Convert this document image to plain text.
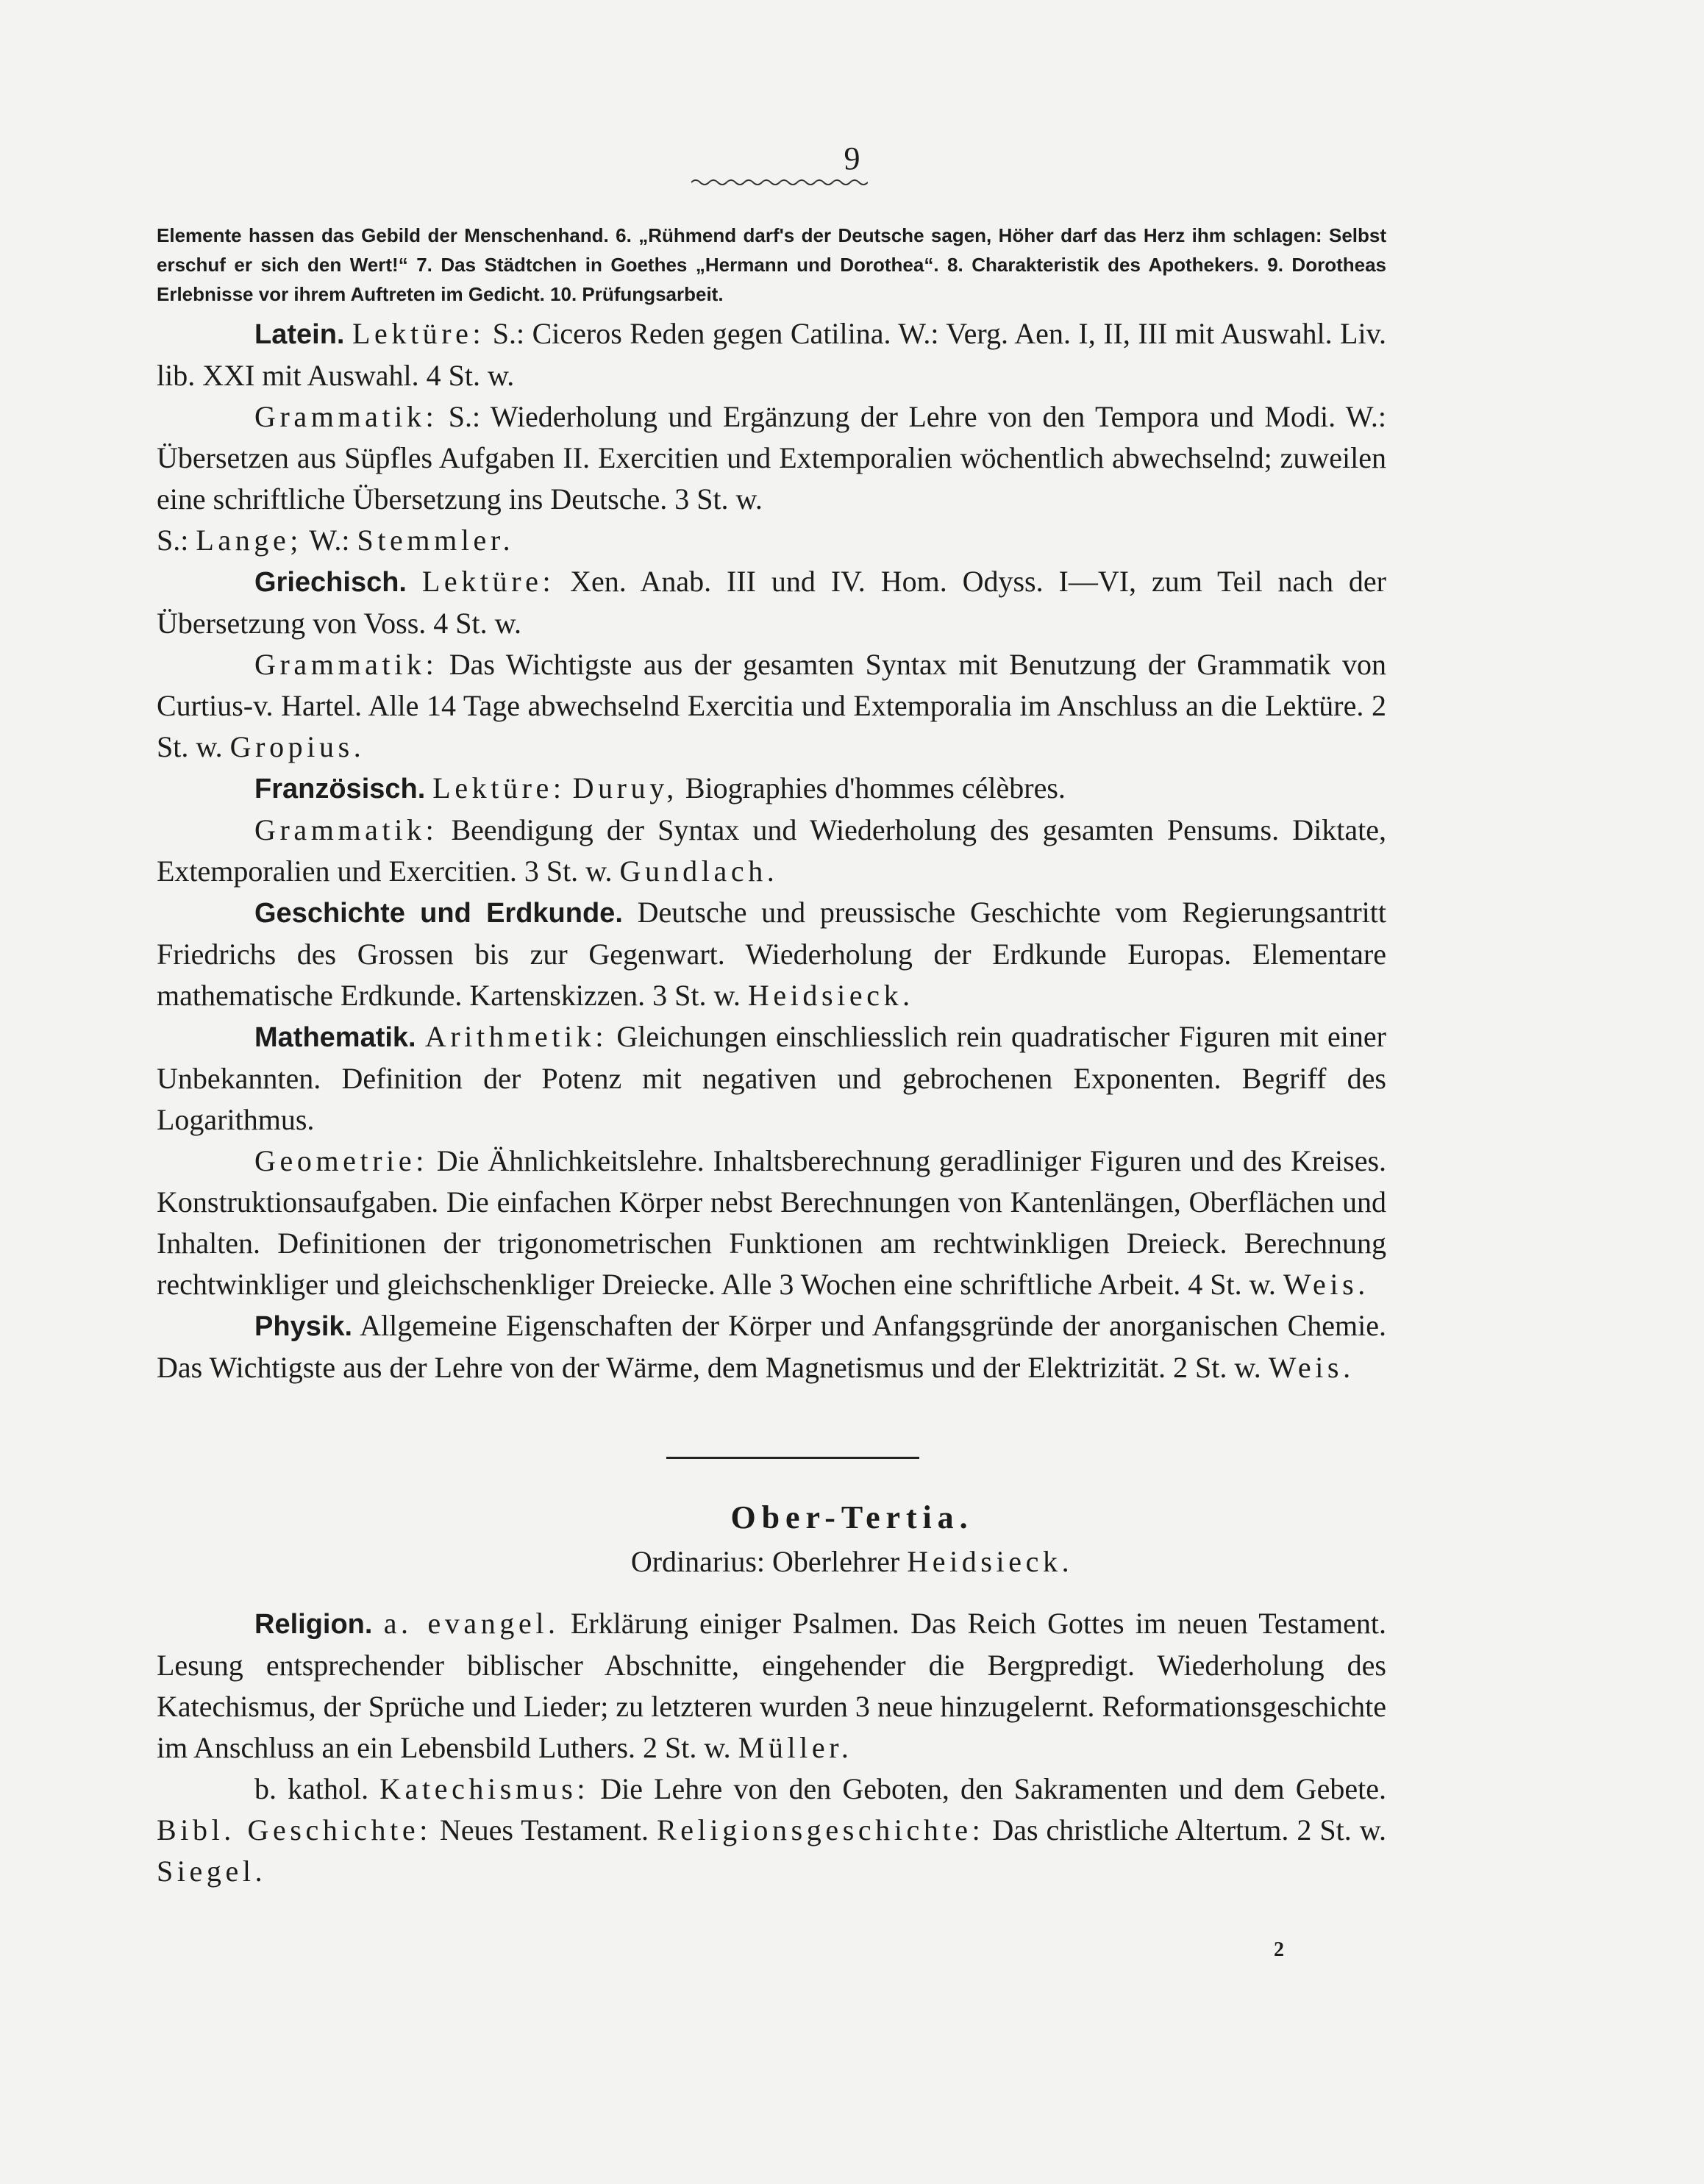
9

Elemente hassen das Gebild der Menschenhand. 6. „Rühmend darf's der Deutsche sagen, Höher darf das Herz ihm schlagen: Selbst erschuf er sich den Wert!“ 7. Das Städtchen in Goethes „Hermann und Dorothea“. 8. Charakteristik des Apothekers. 9. Dorotheas Erlebnisse vor ihrem Auftreten im Gedicht. 10. Prüfungsarbeit.

Latein. Lektüre: S.: Ciceros Reden gegen Catilina. W.: Verg. Aen. I, II, III mit Auswahl. Liv. lib. XXI mit Auswahl. 4 St. w.

Grammatik: S.: Wiederholung und Ergänzung der Lehre von den Tempora und Modi. W.: Übersetzen aus Süpfles Aufgaben II. Exercitien und Extemporalien wöchentlich abwechselnd; zuweilen eine schriftliche Übersetzung ins Deutsche. 3 St. w.

S.: Lange; W.: Stemmler.

Griechisch. Lektüre: Xen. Anab. III und IV. Hom. Odyss. I—VI, zum Teil nach der Übersetzung von Voss. 4 St. w.

Grammatik: Das Wichtigste aus der gesamten Syntax mit Benutzung der Grammatik von Curtius-v. Hartel. Alle 14 Tage abwechselnd Exercitia und Extemporalia im Anschluss an die Lektüre. 2 St. w. Gropius.

Französisch. Lektüre: Duruy, Biographies d'hommes célèbres.

Grammatik: Beendigung der Syntax und Wiederholung des gesamten Pensums. Diktate, Extemporalien und Exercitien. 3 St. w. Gundlach.

Geschichte und Erdkunde. Deutsche und preussische Geschichte vom Regierungsantritt Friedrichs des Grossen bis zur Gegenwart. Wiederholung der Erdkunde Europas. Elementare mathematische Erdkunde. Kartenskizzen. 3 St. w. Heidsieck.

Mathematik. Arithmetik: Gleichungen einschliesslich rein quadratischer Figuren mit einer Unbekannten. Definition der Potenz mit negativen und gebrochenen Exponenten. Begriff des Logarithmus.

Geometrie: Die Ähnlichkeitslehre. Inhaltsberechnung geradliniger Figuren und des Kreises. Konstruktionsaufgaben. Die einfachen Körper nebst Berechnungen von Kantenlängen, Oberflächen und Inhalten. Definitionen der trigonometrischen Funktionen am rechtwinkligen Dreieck. Berechnung rechtwinkliger und gleichschenkliger Dreiecke. Alle 3 Wochen eine schriftliche Arbeit. 4 St. w. Weis.

Physik. Allgemeine Eigenschaften der Körper und Anfangsgründe der anorganischen Chemie. Das Wichtigste aus der Lehre von der Wärme, dem Magnetismus und der Elektrizität. 2 St. w. Weis.

Ober-Tertia.
Ordinarius: Oberlehrer Heidsieck.

Religion. a. evangel. Erklärung einiger Psalmen. Das Reich Gottes im neuen Testament. Lesung entsprechender biblischer Abschnitte, eingehender die Bergpredigt. Wiederholung des Katechismus, der Sprüche und Lieder; zu letzteren wurden 3 neue hinzugelernt. Reformationsgeschichte im Anschluss an ein Lebensbild Luthers. 2 St. w. Müller.

b. kathol. Katechismus: Die Lehre von den Geboten, den Sakramenten und dem Gebete. Bibl. Geschichte: Neues Testament. Religionsgeschichte: Das christliche Altertum. 2 St. w. Siegel.

2
